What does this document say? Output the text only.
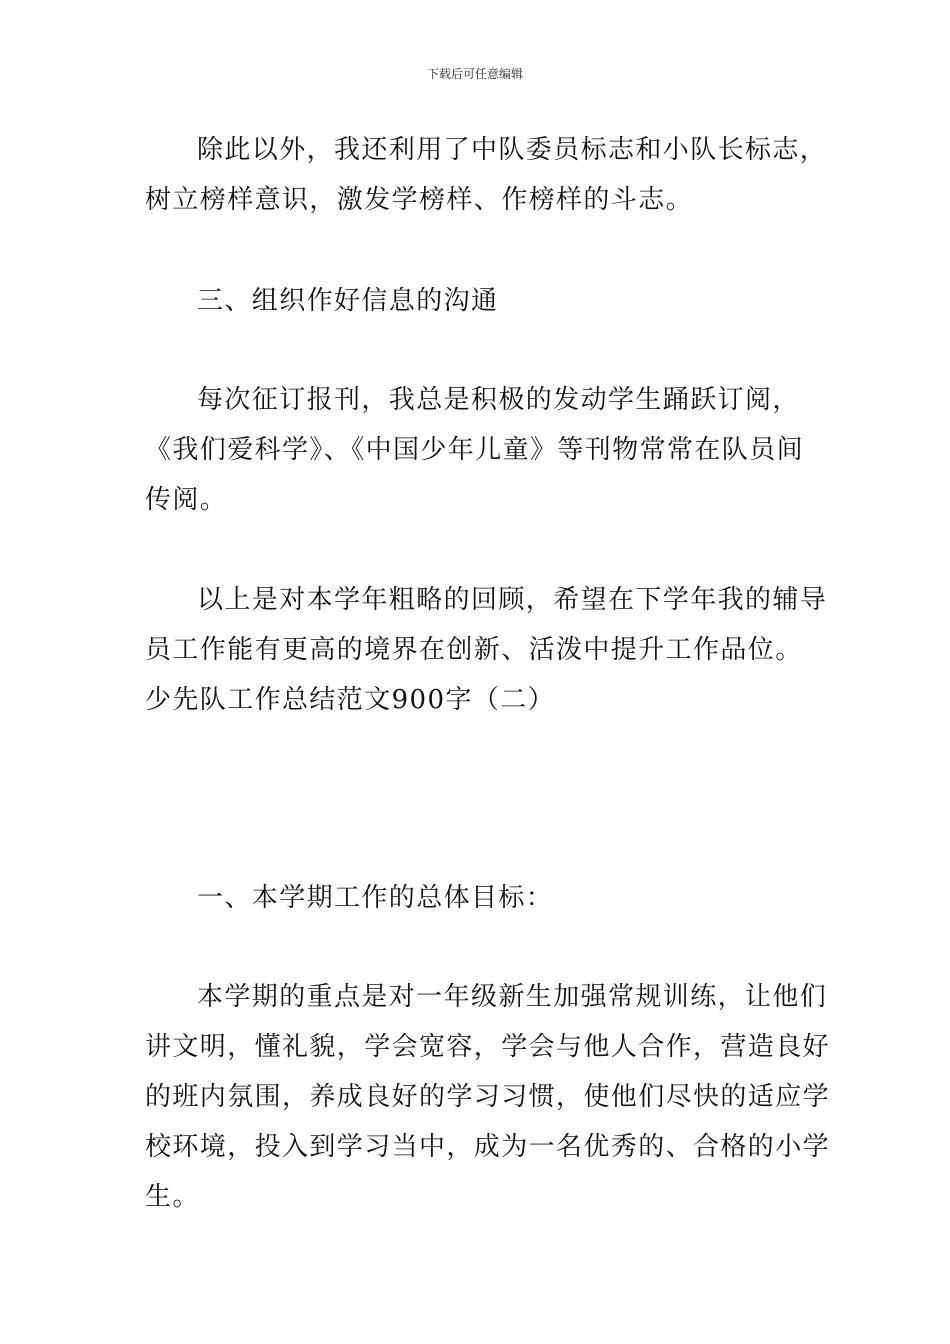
下载后可任意编辑
除此以外，我还利用了中队委员标志和小队长标志，
树立榜样意识，激发学榜样、作榜样的斗志。
三、组织作好信息的沟通
每次征订报刊，我总是积极的发动学生踊跃订阅，
《我们爱科学》、《中国少年儿童》等刊物常常在队员间
传阅。
以上是对本学年粗略的回顾，希望在下学年我的辅导
员工作能有更高的境界在创新、活泼中提升工作品位。
少先队工作总结范文900字（二）
一、本学期工作的总体目标：
本学期的重点是对一年级新生加强常规训练，让他们
讲文明，懂礼貌，学会宽容，学会与他人合作，营造良好
的班内氛围，养成良好的学习习惯，使他们尽快的适应学
校环境，投入到学习当中，成为一名优秀的、合格的小学
生。
